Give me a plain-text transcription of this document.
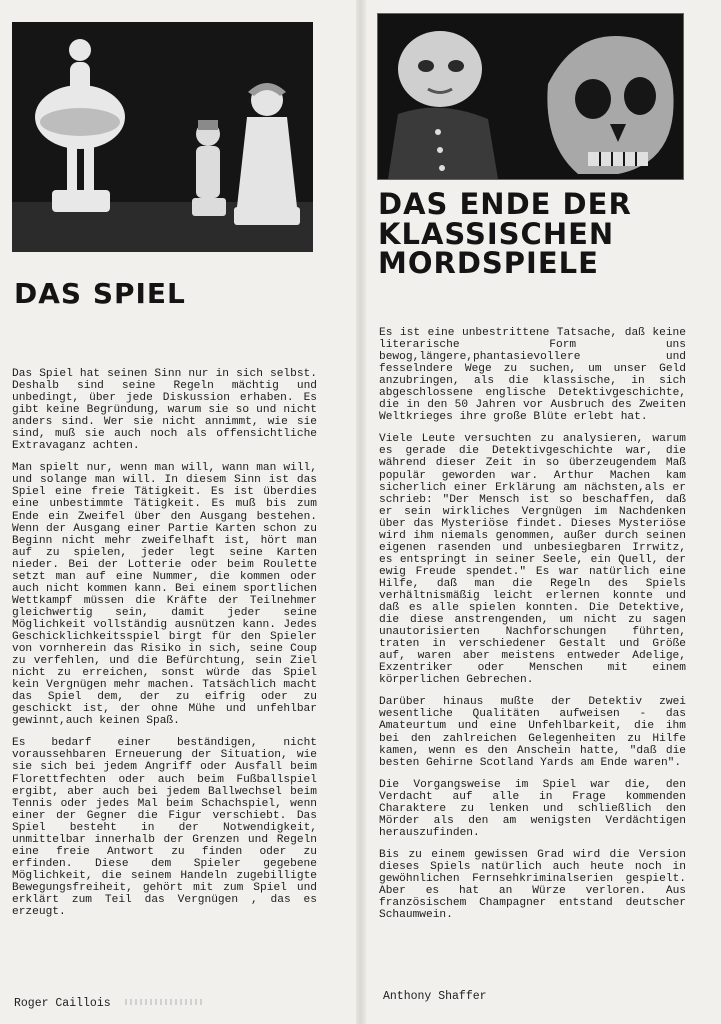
DAS SPIEL

Das Spiel hat seinen Sinn nur in sich selbst. Deshalb sind seine Regeln mächtig und unbedingt, über jede Diskussion erhaben. Es gibt keine Begründung, warum sie so und nicht anders sind. Wer sie nicht annimmt, wie sie sind, muß sie auch noch als offensichtliche Extravaganz achten.

Man spielt nur, wenn man will, wann man will, und solange man will. In diesem Sinn ist das Spiel eine freie Tätigkeit. Es ist überdies eine unbestimmte Tätigkeit. Es muß bis zum Ende ein Zweifel über den Ausgang bestehen. Wenn der Ausgang einer Partie Karten schon zu Beginn nicht mehr zweifelhaft ist, hört man auf zu spielen, jeder legt seine Karten nieder. Bei der Lotterie oder beim Roulette setzt man auf eine Nummer, die kommen oder auch nicht kommen kann. Bei einem sportlichen Wettkampf müssen die Kräfte der Teilnehmer gleichwertig sein, damit jeder seine Möglichkeit vollständig ausnützen kann. Jedes Geschicklichkeitsspiel birgt für den Spieler von vornherein das Risiko in sich, seine Coup zu verfehlen, und die Befürchtung, sein Ziel nicht zu erreichen, sonst würde das Spiel kein Vergnügen mehr machen. Tatsächlich macht das Spiel dem, der zu eifrig oder zu geschickt ist, der ohne Mühe und unfehlbar gewinnt,auch keinen Spaß.

Es bedarf einer beständigen, nicht voraussehbaren Erneuerung der Situation, wie sie sich bei jedem Angriff oder Ausfall beim Florettfechten oder auch beim Fußballspiel ergibt, aber auch bei jedem Ballwechsel beim Tennis oder jedes Mal beim Schachspiel, wenn einer der Gegner die Figur verschiebt. Das Spiel besteht in der Notwendigkeit, unmittelbar innerhalb der Grenzen und Regeln eine freie Antwort zu finden oder zu erfinden. Diese dem Spieler gegebene Möglichkeit, die seinem Handeln zugebilligte Bewegungsfreiheit, gehört mit zum Spiel und erklärt zum Teil das Vergnügen , das es erzeugt.

Roger Caillois
DAS ENDE DER
KLASSISCHEN
MORDSPIELE

Es ist eine unbestrittene Tatsache, daß keine literarische Form uns bewog,längere,phantasievollere und fesselndere Wege zu suchen, um unser Geld anzubringen, als die klassische, in sich abgeschlossene englische Detektivgeschichte, die in den 50 Jahren vor Ausbruch des Zweiten Weltkrieges ihre große Blüte erlebt hat.

Viele Leute versuchten zu analysieren, warum es gerade die Detektivgeschichte war, die während dieser Zeit in so überzeugendem Maß populär geworden war. Arthur Machen kam sicherlich einer Erklärung am nächsten,als er schrieb: "Der Mensch ist so beschaffen, daß er sein wirkliches Vergnügen im Nachdenken über das Mysteriöse findet. Dieses Mysteriöse wird ihm niemals genommen, außer durch seinen eigenen rasenden und unbesiegbaren Irrwitz, es entspringt in seiner Seele, ein Quell, der ewig Freude spendet." Es war natürlich eine Hilfe, daß man die Regeln des Spiels verhältnismäßig leicht erlernen konnte und daß es alle spielen konnten. Die Detektive, die diese anstrengenden, um nicht zu sagen unautorisierten Nachforschungen führten, traten in verschiedener Gestalt und Größe auf, waren aber meistens entweder Adelige, Exzentriker oder Menschen mit einem körperlichen Gebrechen.

Darüber hinaus mußte der Detektiv zwei wesentliche Qualitäten aufweisen - das Amateurtum und eine Unfehlbarkeit, die ihm bei den zahlreichen Gelegenheiten zu Hilfe kamen, wenn es den Anschein hatte, "daß die besten Gehirne Scotland Yards am Ende waren".

Die Vorgangsweise im Spiel war die, den Verdacht auf alle in Frage kommenden Charaktere zu lenken und schließlich den Mörder als den am wenigsten Verdächtigen herauszufinden.

Bis zu einem gewissen Grad wird die Version dieses Spiels natürlich auch heute noch in gewöhnlichen Fernsehkriminalserien gespielt. Aber es hat an Würze verloren. Aus französischem Champagner entstand deutscher Schaumwein.

Anthony Shaffer
